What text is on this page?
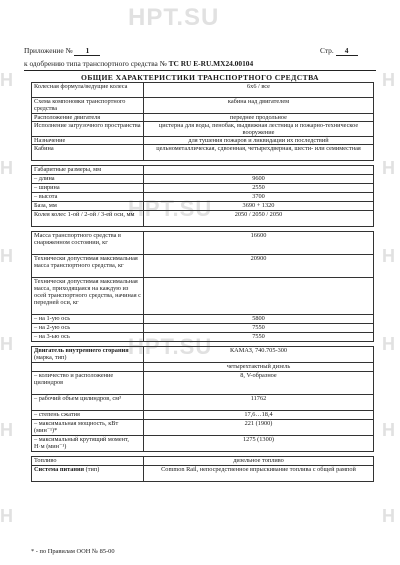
HPT.SU
HPT.SU
HPT.SU
H
H
H
H
H
H
H
H
H
H
H
H
Приложение № 1	Стр. 4
к одобрению типа транспортного средства № TC RU E-RU.MX24.00104
ОБЩИЕ ХАРАКТЕРИСТИКИ ТРАНСПОРТНОГО СРЕДСТВА
Колесная формула/ведущие колеса	6х6 / все
Схема компоновки транспортного средства	кабина над двигателем
Расположение двигателя	переднее продольное
Исполнение загрузочного пространства	цистерна для воды, пенобак, выдвижная лестница и пожарно-техническое вооружение
Назначение	для тушения пожаров и ликвидации их последствий
Кабина	цельнометаллическая, сдвоенная, четырехдверная, шести- или семиместная

Габаритные размеры, мм	
– длина	9600
– ширина	2550
– высота	3700
База, мм	3690 + 1320
Колея колес 1-ой / 2-ой / 3-ей оси, мм	2050 / 2050 / 2050

Масса транспортного средства в снаряженном состоянии, кг	16600
Технически допустимая максимальная масса транспортного средства, кг	20900
Технически допустимая максимальная масса, приходящаяся на каждую из осей транспортного средства, начиная с передней оси, кг	
– на 1-ую ось	5800
– на 2-ую ось	7550
– на 3-ью ось	7550

Двигатель внутреннего сгорания (марка, тип)	КАМАЗ, 740.705-300
	четырехтактный дизель
– количество и расположение цилиндров	8, V-образное
– рабочий объем цилиндров, см³	11762
– степень сжатия	17,6…18,4
– максимальная мощность, кВт (мин⁻¹)*	221 (1900)
– максимальный крутящий момент, Н·м (мин⁻¹)	1275 (1300)

Топливо	дизельное топливо
Система питания (тип)	Common Rail, непосредственное впрыскивание топлива с общей рампой
* - по Правилам ООН № 85-00
